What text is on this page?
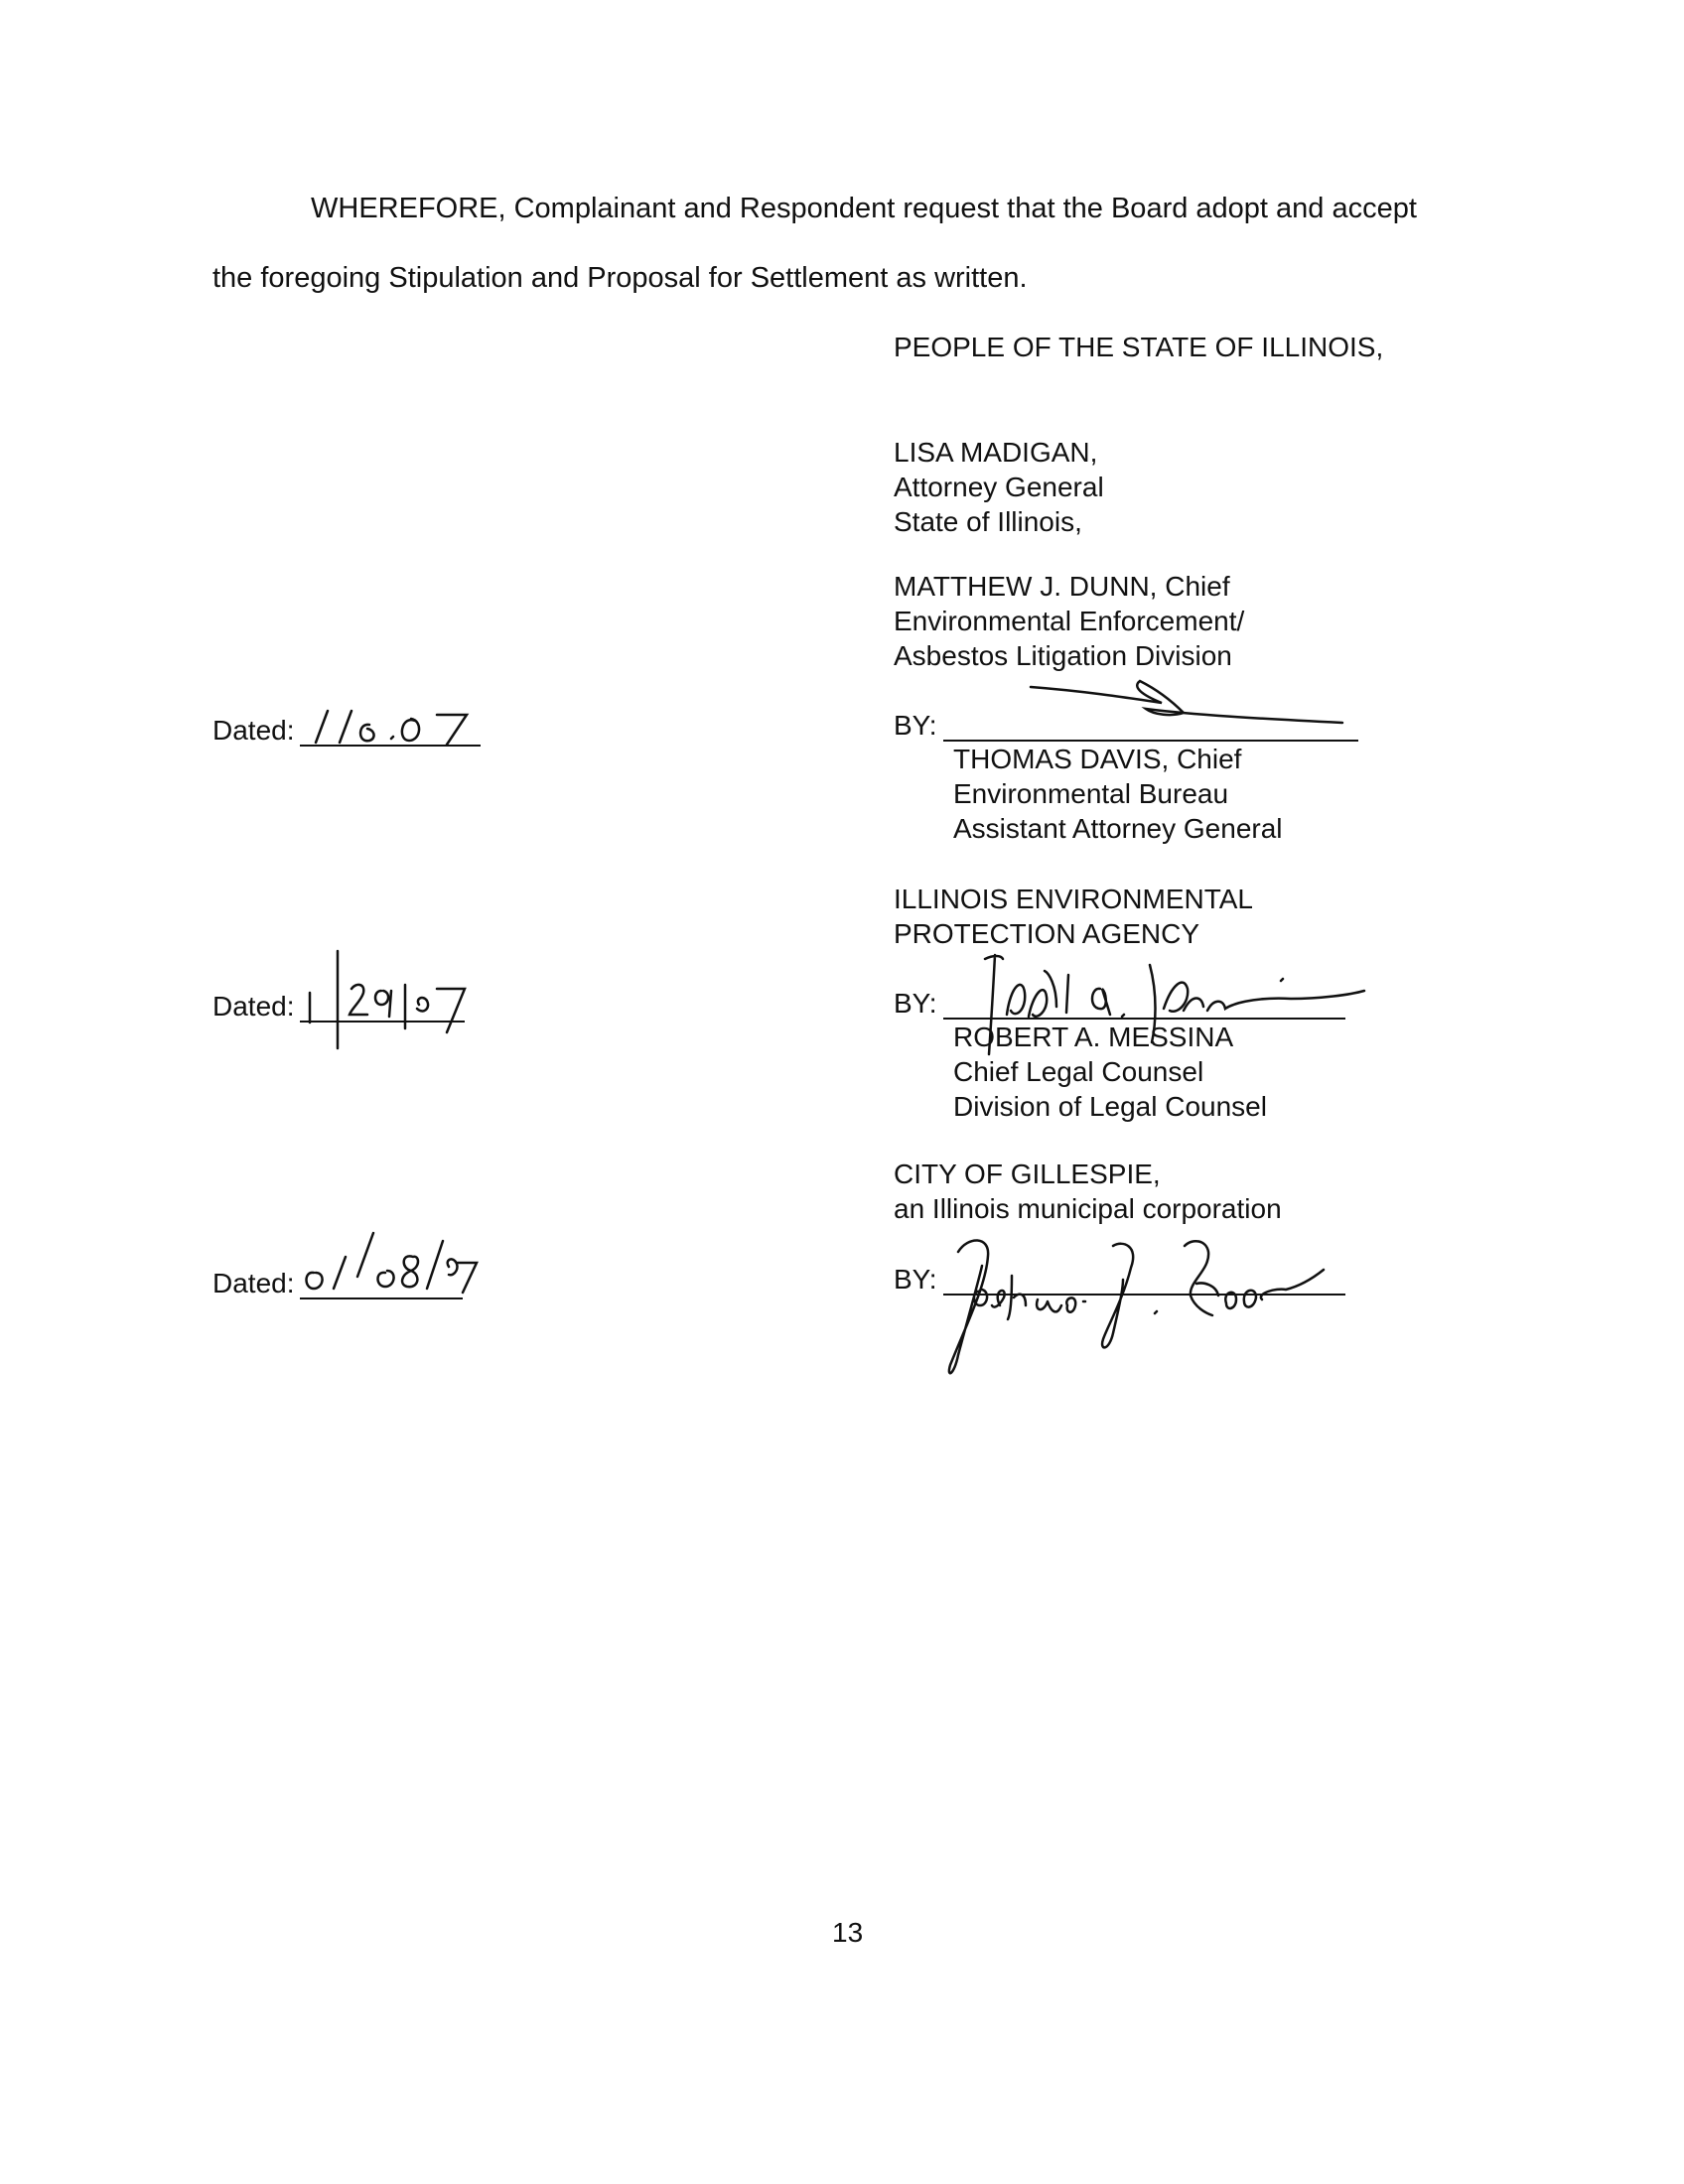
WHEREFORE, Complainant and Respondent request that the Board adopt and accept
the foregoing Stipulation and Proposal for Settlement as written.
PEOPLE OF THE STATE OF ILLINOIS,
LISA MADIGAN,
Attorney General
State of Illinois,
MATTHEW J. DUNN, Chief
Environmental Enforcement/
Asbestos Litigation Division
Dated:	BY:
THOMAS DAVIS, Chief
Environmental Bureau
Assistant Attorney General
ILLINOIS ENVIRONMENTAL
PROTECTION AGENCY
Dated:	BY:
ROBERT A. MESSINA
Chief Legal Counsel
Division of Legal Counsel
CITY OF GILLESPIE,
an Illinois municipal corporation
Dated:	BY:
13
